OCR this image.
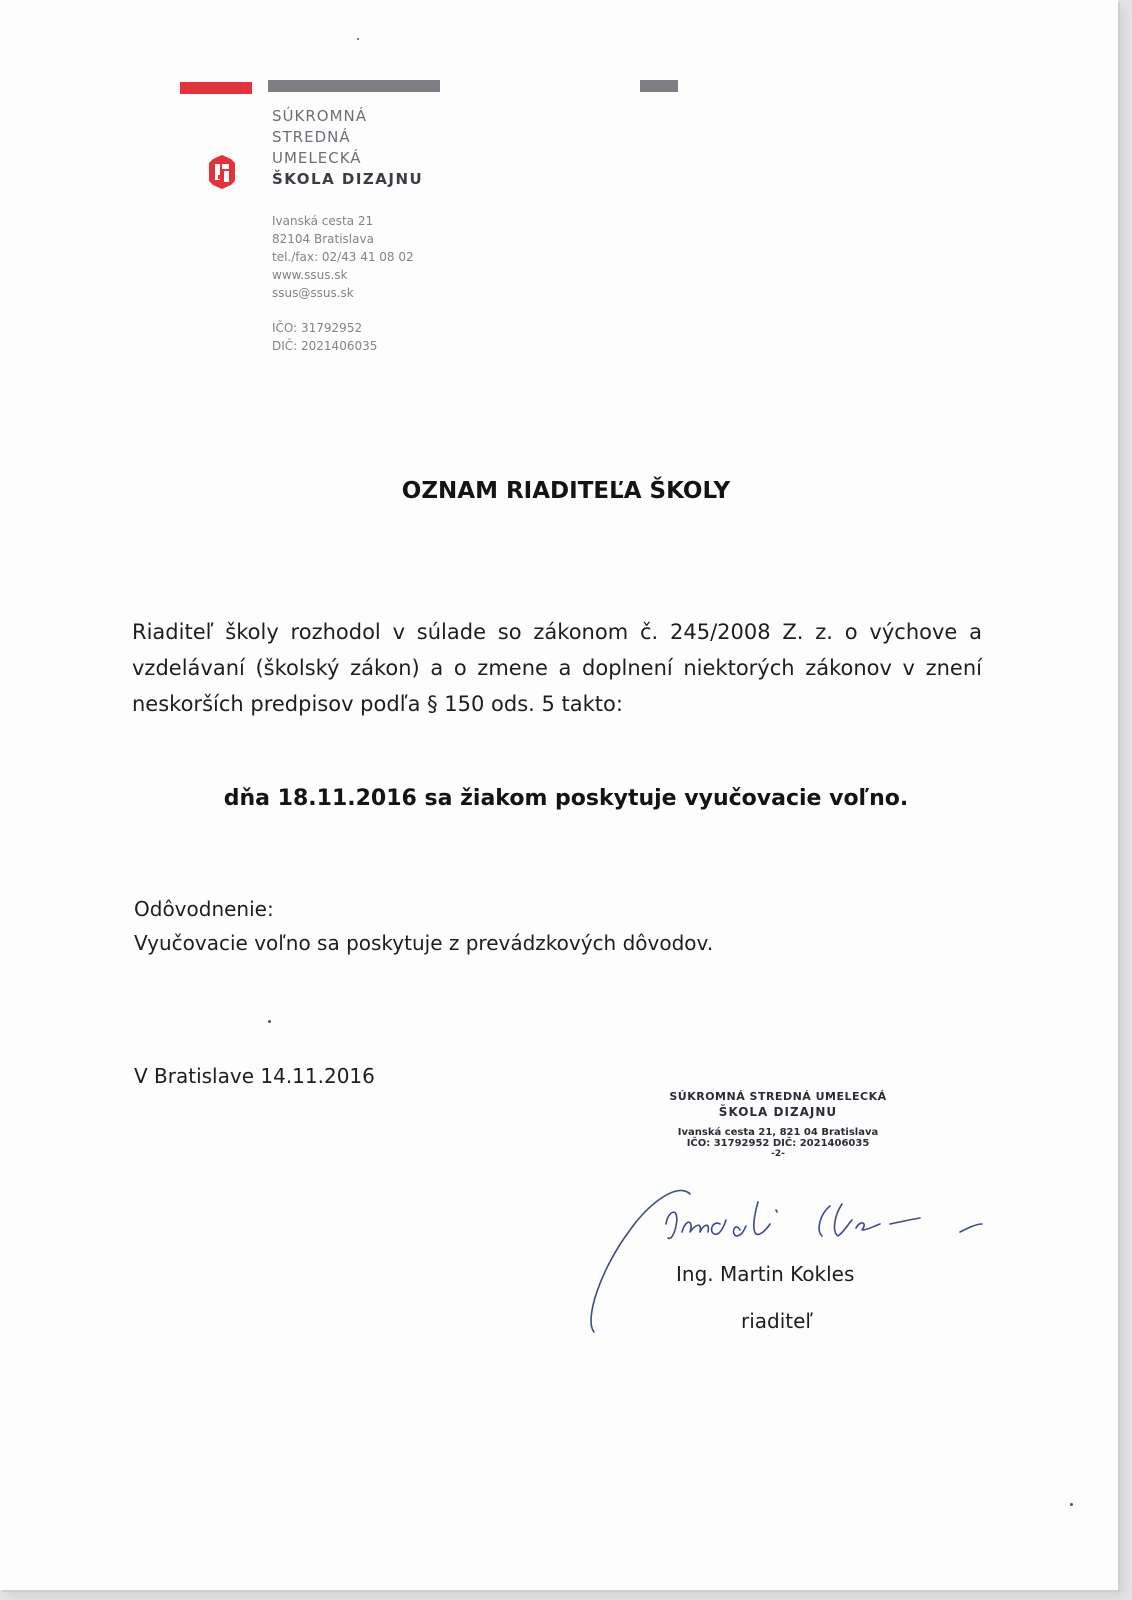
SÚKROMNÁ
STREDNÁ
UMELECKÁ
ŠKOLA DIZAJNU
Ivanská cesta 21
82104 Bratislava
tel./fax: 02/43 41 08 02
www.ssus.sk
ssus@ssus.sk
IČO: 31792952
DIČ: 2021406035
OZNAM RIADITEĽA ŠKOLY
Riaditeľ školy rozhodol v súlade so zákonom č. 245/2008 Z. z. o výchove a vzdelávaní (školský zákon) a o zmene a doplnení niektorých zákonov v znení neskorších predpisov podľa § 150 ods. 5 takto:
dňa 18.11.2016 sa žiakom poskytuje vyučovacie voľno.
Odôvodnenie:
Vyučovacie voľno sa poskytuje z prevádzkových dôvodov.
V Bratislave 14.11.2016
SÚKROMNÁ STREDNÁ UMELECKÁ
ŠKOLA DIZAJNU
Ivanská cesta 21, 821 04 Bratislava
IČO: 31792952 DIČ: 2021406035
-2-
Ing. Martin Kokles
riaditeľ
